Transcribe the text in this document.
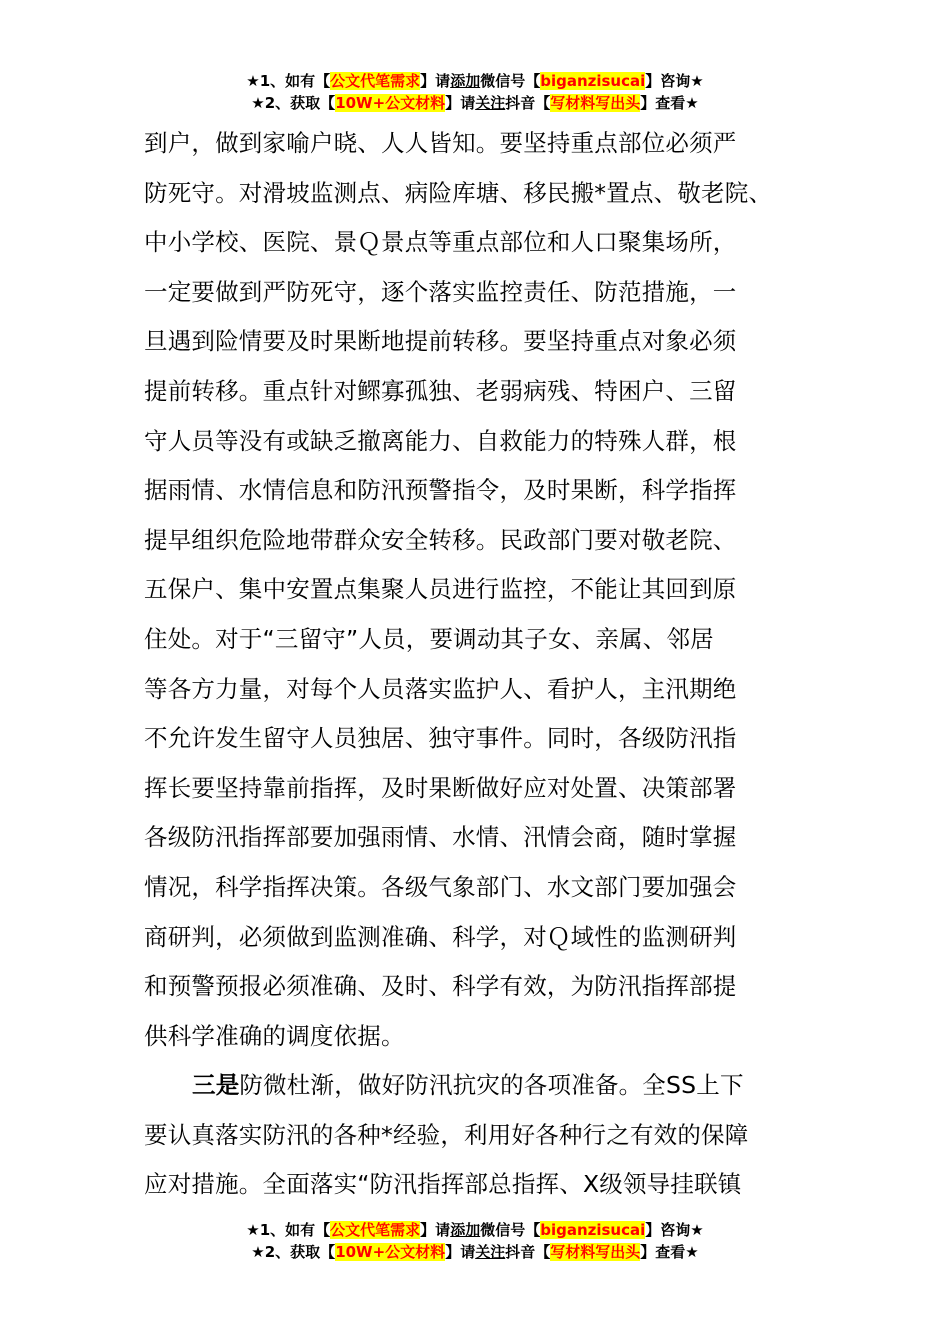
★1、如有【公文代笔需求】请添加微信号【biganzisucai】咨询★
★2、获取【10W+公文材料】请关注抖音【写材料写出头】查看★
到户，做到家喻户晓、人人皆知。要坚持重点部位必须严
防死守。对滑坡监测点、病险库塘、移民搬*置点、敬老院、
中小学校、医院、景Ｑ景点等重点部位和人口聚集场所，
一定要做到严防死守，逐个落实监控责任、防范措施，一
旦遇到险情要及时果断地提前转移。要坚持重点对象必须
提前转移。重点针对鳏寡孤独、老弱病残、特困户、三留
守人员等没有或缺乏撤离能力、自救能力的特殊人群，根
据雨情、水情信息和防汛预警指令，及时果断，科学指挥
提早组织危险地带群众安全转移。民政部门要对敬老院、
五保户、集中安置点集聚人员进行监控，不能让其回到原
住处。对于“三留守”人员，要调动其子女、亲属、邻居
等各方力量，对每个人员落实监护人、看护人，主汛期绝
不允许发生留守人员独居、独守事件。同时，各级防汛指
挥长要坚持靠前指挥，及时果断做好应对处置、决策部署
各级防汛指挥部要加强雨情、水情、汛情会商，随时掌握
情况，科学指挥决策。各级气象部门、水文部门要加强会
商研判，必须做到监测准确、科学，对Ｑ域性的监测研判
和预警预报必须准确、及时、科学有效，为防汛指挥部提
供科学准确的调度依据。
三是防微杜渐，做好防汛抗灾的各项准备。全SS上下
要认真落实防汛的各种*经验，利用好各种行之有效的保障
应对措施。全面落实“防汛指挥部总指挥、X级领导挂联镇
★1、如有【公文代笔需求】请添加微信号【biganzisucai】咨询★
★2、获取【10W+公文材料】请关注抖音【写材料写出头】查看★
